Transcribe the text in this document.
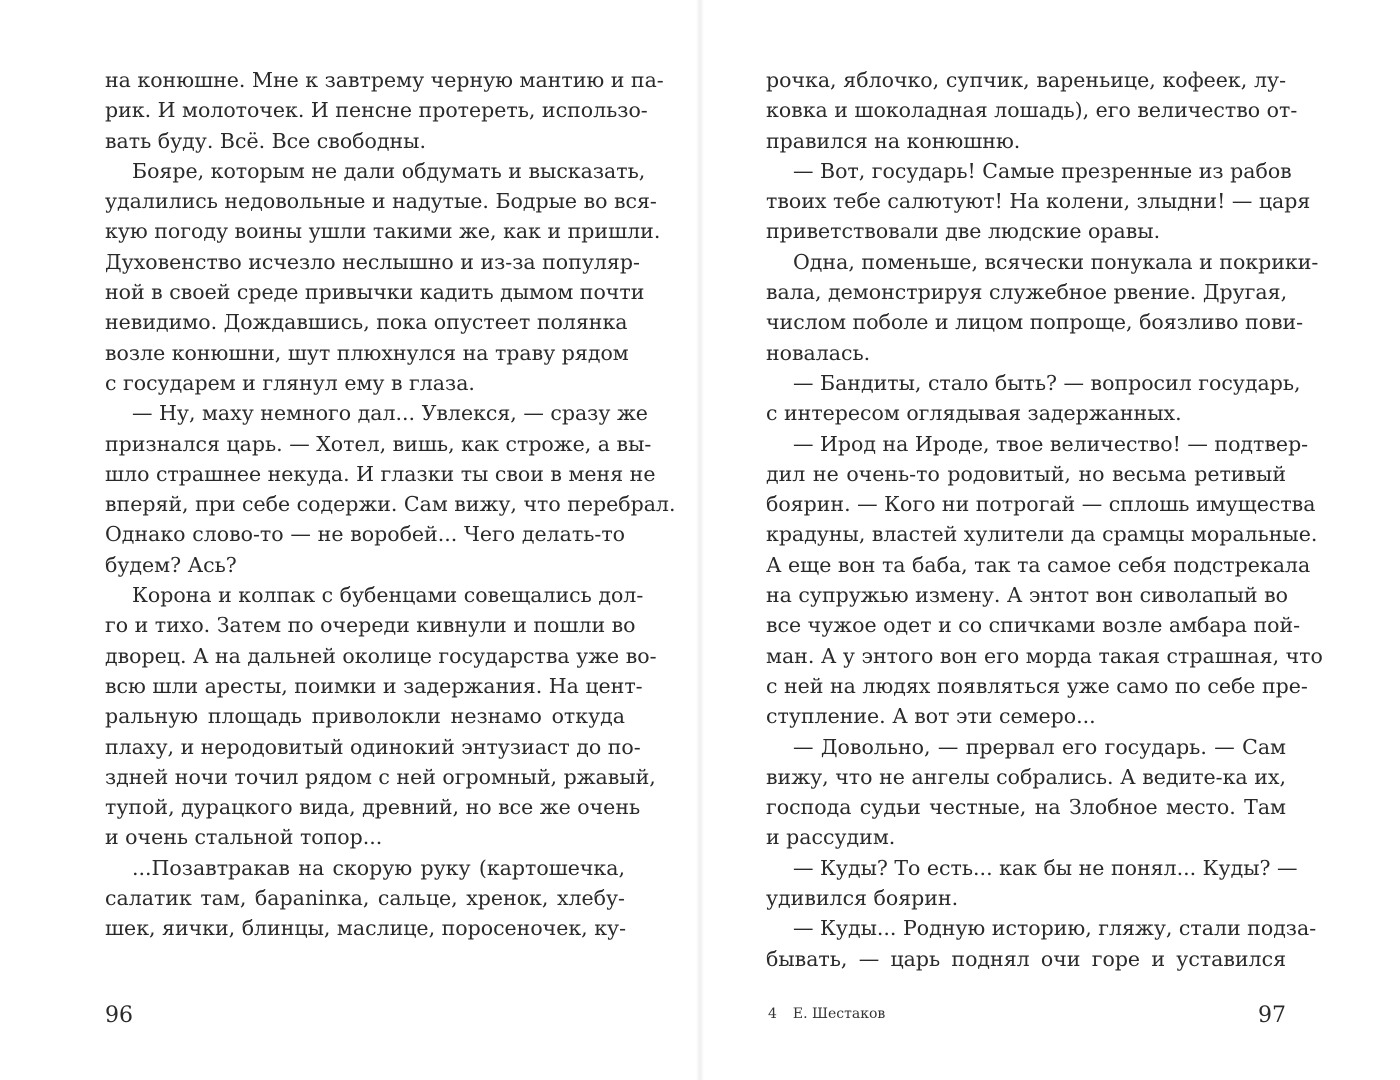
на конюшне. Мне к завтрему черную мантию и па-
рик. И молоточек. И пенсне протереть, использо-
вать буду. Всё. Все свободны.
Бояре, которым не дали обдумать и высказать,
удалились недовольные и надутые. Бодрые во вся-
кую погоду воины ушли такими же, как и пришли.
Духовенство исчезло неслышно и из-за популяр-
ной в своей среде привычки кадить дымом почти
невидимо. Дождавшись, пока опустеет полянка
возле конюшни, шут плюхнулся на траву рядом
с государем и глянул ему в глаза.
— Ну, маху немного дал... Увлекся, — сразу же
признался царь. — Хотел, вишь, как строже, а вы-
шло страшнее некуда. И глазки ты свои в меня не
вперяй, при себе содержи. Сам вижу, что перебрал.
Однако слово-то — не воробей... Чего делать-то
будем? Ась?
Корона и колпак с бубенцами совещались дол-
го и тихо. Затем по очереди кивнули и пошли во
дворец. А на дальней околице государства уже во-
всю шли аресты, поимки и задержания. На цент-
ральную площадь приволокли незнамо откуда
плаху, и неродовитый одинокий энтузиаст до по-
здней ночи точил рядом с ней огромный, ржавый,
тупой, дурацкого вида, древний, но все же очень
и очень стальной топор...
...Позавтракав на скорую руку (картошечка,
салатик там, бараninка, сальце, хренок, хлебу-
шек, яички, блинцы, маслице, поросеночек, ку-
96
рочка, яблочко, супчик, вареньице, кофеек, лу-
ковка и шоколадная лошадь), его величество от-
правился на конюшню.
— Вот, государь! Самые презренные из рабов
твоих тебе салютуют! На колени, злыдни! — царя
приветствовали две людские оравы.
Одна, поменьше, всячески понукала и покрики-
вала, демонстрируя служебное рвение. Другая,
числом поболе и лицом попроще, боязливо пови-
новалась.
— Бандиты, стало быть? — вопросил государь,
с интересом оглядывая задержанных.
— Ирод на Ироде, твое величество! — подтвер-
дил не очень-то родовитый, но весьма ретивый
боярин. — Кого ни потрогай — сплошь имущества
крадуны, властей хулители да срамцы моральные.
А еще вон та баба, так та самое себя подстрекала
на супружью измену. А энтот вон сиволапый во
все чужое одет и со спичками возле амбара пой-
ман. А у энтого вон его морда такая страшная, что
с ней на людях появляться уже само по себе пре-
ступление. А вот эти семеро...
— Довольно, — прервал его государь. — Сам
вижу, что не ангелы собрались. А ведите-ка их,
господа судьи честные, на Злобное место. Там
и рассудим.
— Куды? То есть... как бы не понял... Куды? —
удивился боярин.
— Куды... Родную историю, гляжу, стали подза-
бывать, — царь поднял очи горе и уставился
4 Е. Шестаков	97
